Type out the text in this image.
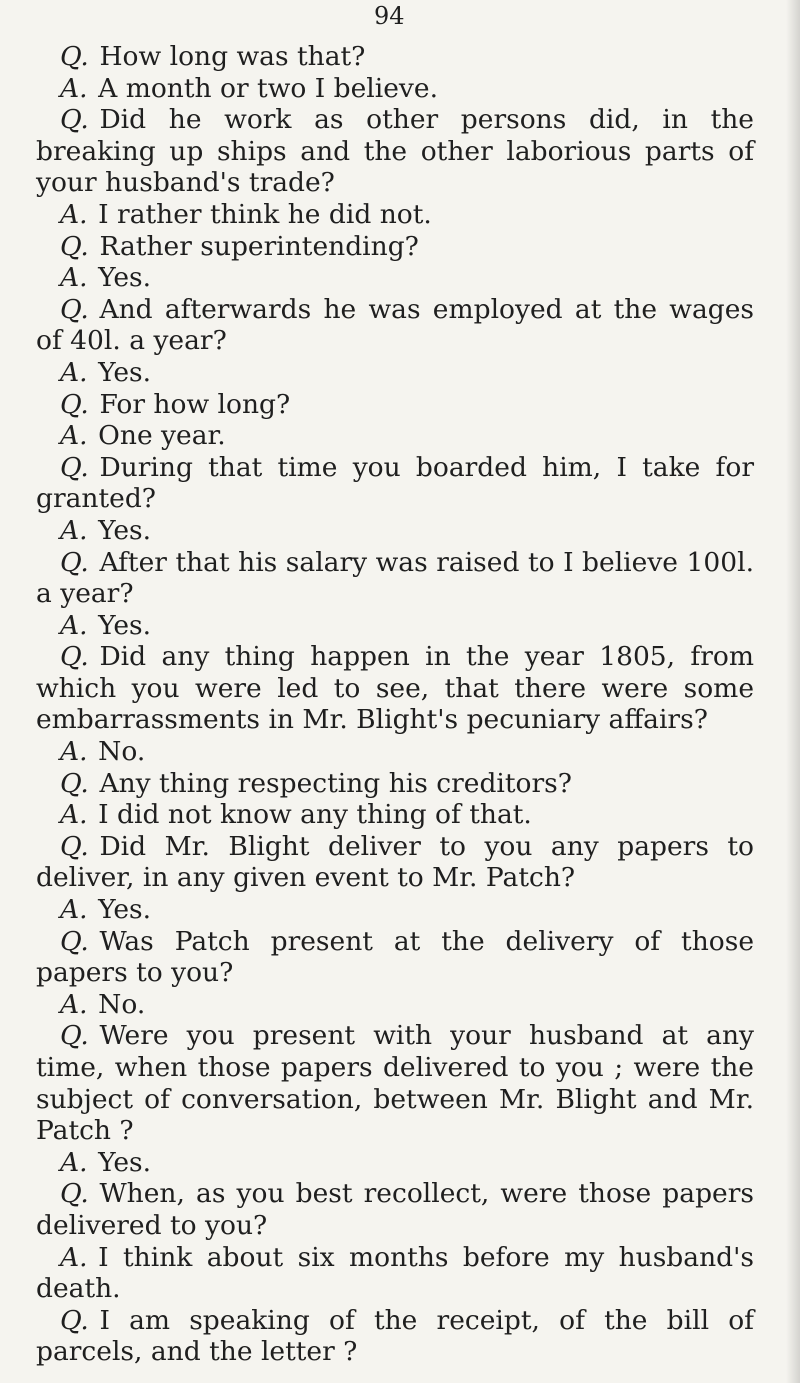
94

Q. How long was that?

A. A month or two I believe.

Q. Did he work as other persons did, in the breaking up ships and the other laborious parts of your husband's trade?

A. I rather think he did not.

Q. Rather superintending?

A. Yes.

Q. And afterwards he was employed at the wages of 40l. a year?

A. Yes.

Q. For how long?

A. One year.

Q. During that time you boarded him, I take for granted?

A. Yes.

Q. After that his salary was raised to I believe 100l. a year?

A. Yes.

Q. Did any thing happen in the year 1805, from which you were led to see, that there were some embarrassments in Mr. Blight's pecuniary affairs?

A. No.

Q. Any thing respecting his creditors?

A. I did not know any thing of that.

Q. Did Mr. Blight deliver to you any papers to deliver, in any given event to Mr. Patch?

A. Yes.

Q. Was Patch present at the delivery of those papers to you?

A. No.

Q. Were you present with your husband at any time, when those papers delivered to you ; were the subject of conversation, between Mr. Blight and Mr. Patch ?

A. Yes.

Q. When, as you best recollect, were those papers delivered to you?

A. I think about six months before my husband's death.

Q. I am speaking of the receipt, of the bill of parcels, and the letter ?
